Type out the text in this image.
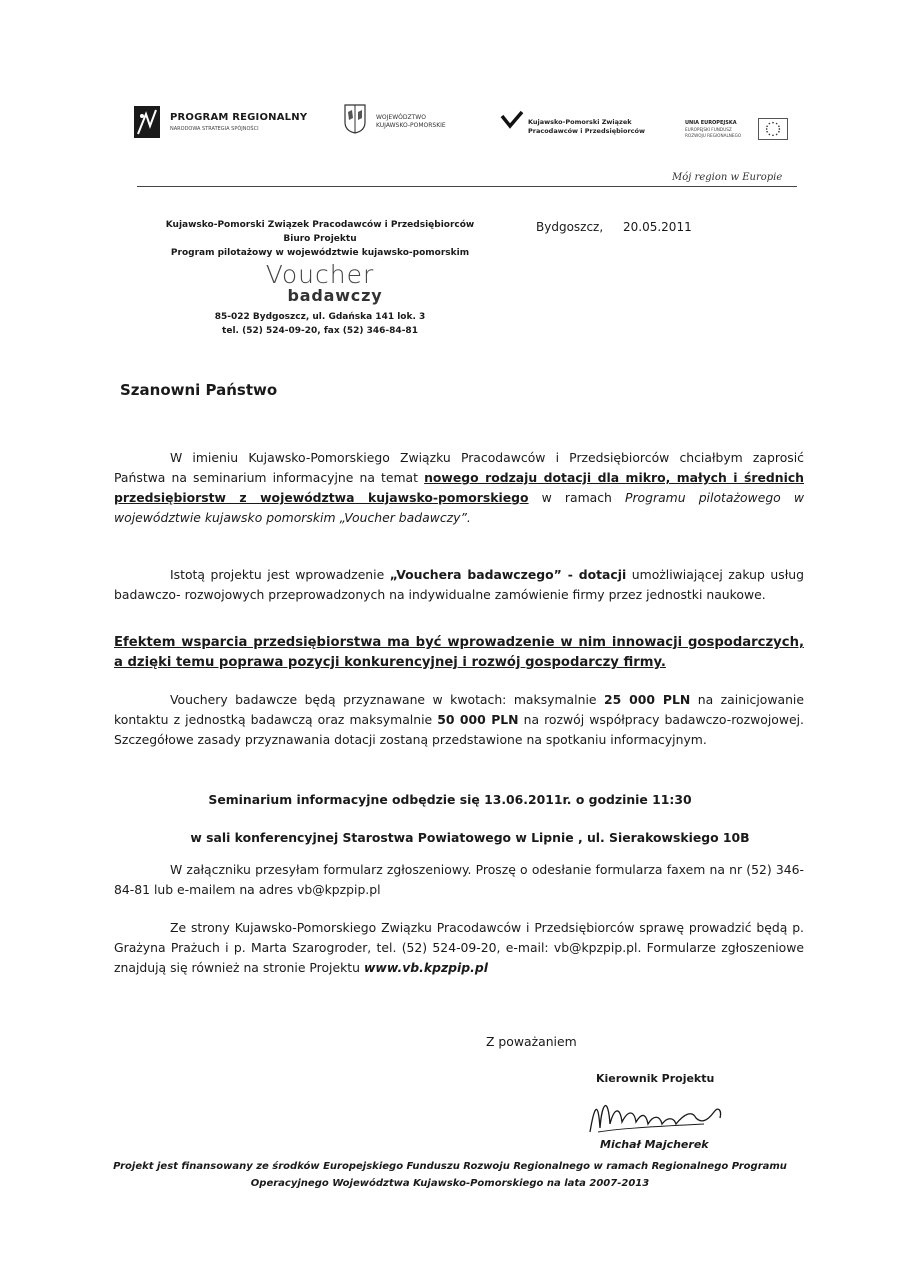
PROGRAM REGIONALNY
NARODOWA STRATEGIA SPÓJNOŚCI
WOJEWÓDZTWO
KUJAWSKO-POMORSKIE	Kujawsko-Pomorski Związek
Pracodawców i Przedsiębiorców
UNIA EUROPEJSKA
EUROPEJSKI FUNDUSZ
ROZWOJU REGIONALNEGO
Mój region w Europie
Kujawsko-Pomorski Związek Pracodawców i Przedsiębiorców
Biuro Projektu
Program pilotażowy w województwie kujawsko-pomorskim
Voucher
badawczy
85-022 Bydgoszcz, ul. Gdańska 141 lok. 3
tel. (52) 524-09-20, fax (52) 346-84-81
Bydgoszcz, 20.05.2011
Szanowni Państwo
W imieniu Kujawsko-Pomorskiego Związku Pracodawców i Przedsiębiorców chciałbym zaprosić Państwa na seminarium informacyjne na temat nowego rodzaju dotacji dla mikro, małych i średnich przedsiębiorstw z województwa kujawsko-pomorskiego w ramach Programu pilotażowego w województwie kujawsko pomorskim „Voucher badawczy”.
Istotą projektu jest wprowadzenie „Vouchera badawczego” - dotacji umożliwiającej zakup usług badawczo- rozwojowych przeprowadzonych na indywidualne zamówienie firmy przez jednostki naukowe.
Efektem wsparcia przedsiębiorstwa ma być wprowadzenie w nim innowacji gospodarczych, a dzięki temu poprawa pozycji konkurencyjnej i rozwój gospodarczy firmy.
Vouchery badawcze będą przyznawane w kwotach: maksymalnie 25 000 PLN na zainicjowanie kontaktu z jednostką badawczą oraz maksymalnie 50 000 PLN na rozwój współpracy badawczo-rozwojowej. Szczegółowe zasady przyznawania dotacji zostaną przedstawione na spotkaniu informacyjnym.
Seminarium informacyjne odbędzie się 13.06.2011r. o godzinie 11:30
w sali konferencyjnej Starostwa Powiatowego w Lipnie , ul. Sierakowskiego 10B
W załączniku przesyłam formularz zgłoszeniowy. Proszę o odesłanie formularza faxem na nr (52) 346-84-81 lub e-mailem na adres vb@kpzpip.pl
Ze strony Kujawsko-Pomorskiego Związku Pracodawców i Przedsiębiorców sprawę prowadzić będą p. Grażyna Prażuch i p. Marta Szarogroder, tel. (52) 524-09-20, e-mail: vb@kpzpip.pl. Formularze zgłoszeniowe znajdują się również na stronie Projektu www.vb.kpzpip.pl
Z poważaniem
Kierownik Projektu
Michał Majcherek
Projekt jest finansowany ze środków Europejskiego Funduszu Rozwoju Regionalnego w ramach Regionalnego Programu
Operacyjnego Województwa Kujawsko-Pomorskiego na lata 2007-2013
